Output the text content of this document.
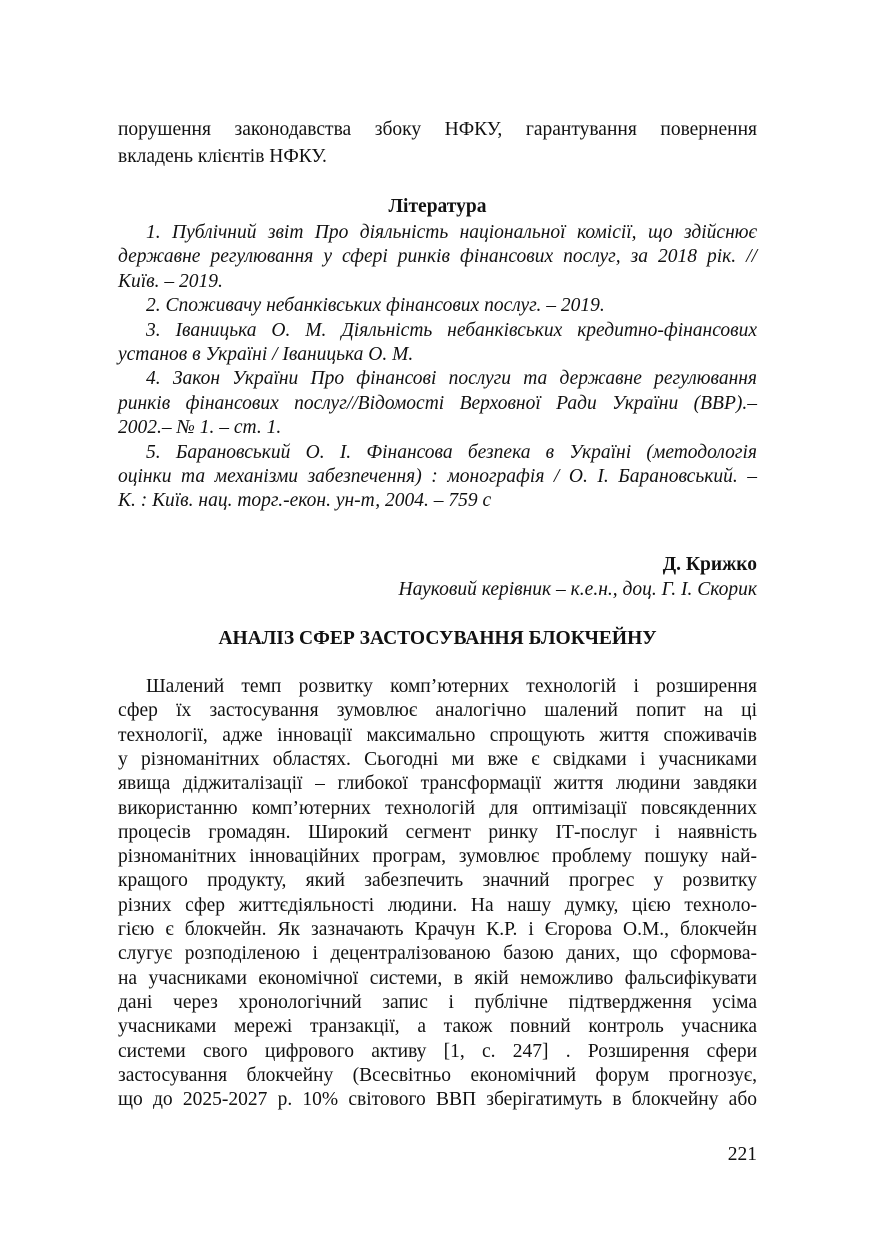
порушення законодавства збоку НФКУ, гарантування повернення
вкладень клієнтів НФКУ.
Література
1. Публічний звіт Про діяльність національної комісії, що здійснює
державне регулювання у сфері ринків фінансових послуг, за 2018 рік. //
Київ. – 2019.
2. Споживачу небанківських фінансових послуг. – 2019.
3. Іваницька О. М. Діяльність небанківських кредитно-фінансових
установ в Україні / Іваницька О. М.
4. Закон України Про фінансові послуги та державне регулювання
ринків фінансових послуг//Відомості Верховної Ради України (ВВР).–
2002.– № 1. – ст. 1.
5. Барановський О. І. Фінансова безпека в Україні (методологія
оцінки та механізми забезпечення) : монографія / О. І. Барановський. –
К. : Київ. нац. торг.-екон. ун-т, 2004. – 759 с
Д. Крижко
Науковий керівник – к.е.н., доц. Г. І. Скорик
АНАЛІЗ СФЕР ЗАСТОСУВАННЯ БЛОКЧЕЙНУ
Шалений темп розвитку комп’ютерних технологій і розширення
сфер їх застосування зумовлює аналогічно шалений попит на ці
технології, адже інновації максимально спрощують життя споживачів
у різноманітних областях. Сьогодні ми вже є свідками і учасниками
явища діджиталізації – глибокої трансформації життя людини завдяки
використанню комп’ютерних технологій для оптимізації повсякденних
процесів громадян. Широкий сегмент ринку ІТ-послуг і наявність
різноманітних інноваційних програм, зумовлює проблему пошуку най-
кращого продукту, який забезпечить значний прогрес у розвитку
різних сфер життєдіяльності людини. На нашу думку, цією техноло-
гією є блокчейн. Як зазначають Крачун К.Р. і Єгорова О.М., блокчейн
слугує розподіленою і децентралізованою базою даних, що сформова-
на учасниками економічної системи, в якій неможливо фальсифікувати
дані через хронологічний запис і публічне підтвердження усіма
учасниками мережі транзакції, а також повний контроль учасника
системи свого цифрового активу [1, с. 247] . Розширення сфери
застосування блокчейну (Всесвітньо економічний форум прогнозує,
що до 2025-2027 р. 10% світового ВВП зберігатимуть в блокчейну або
221
